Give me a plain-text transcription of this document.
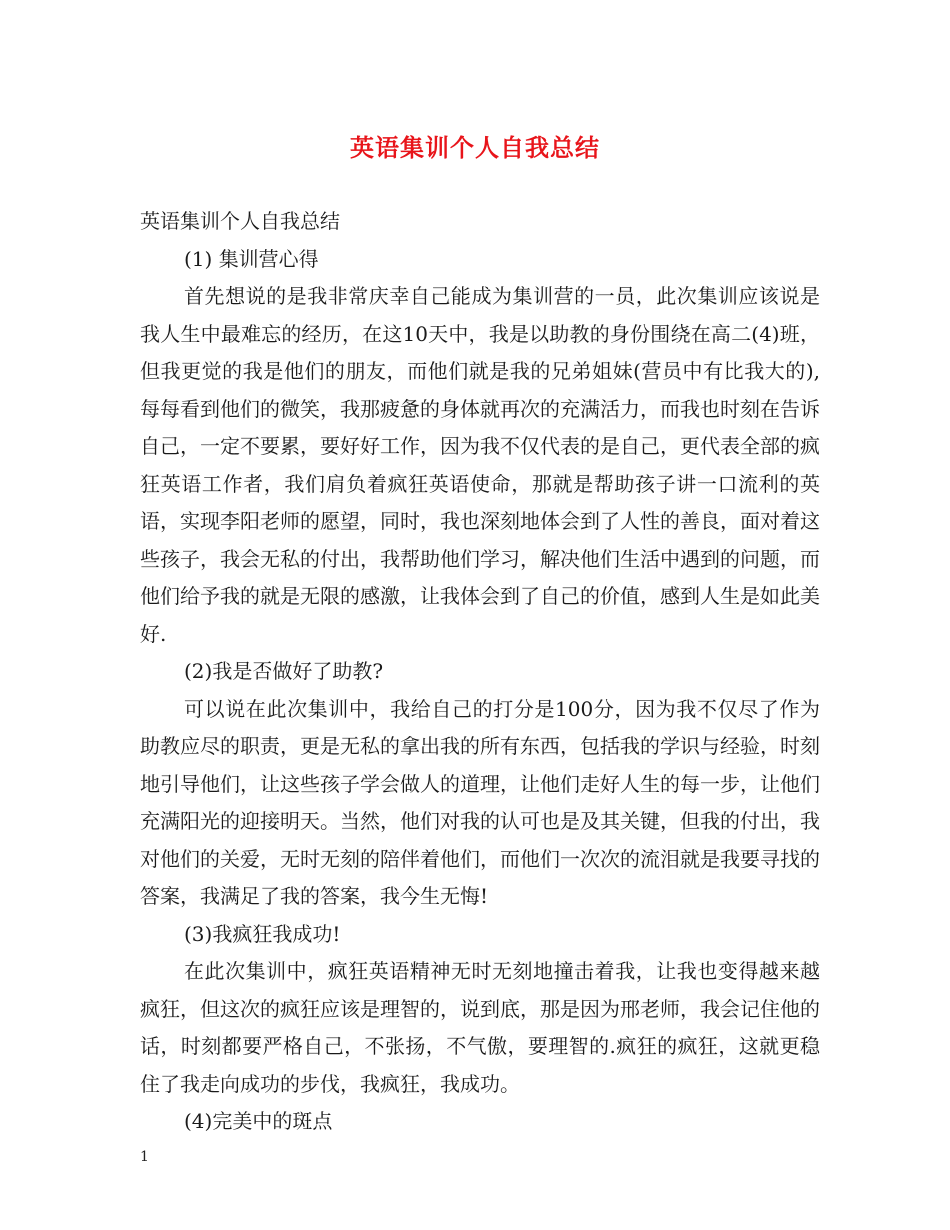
英语集训个人自我总结

英语集训个人自我总结

(1) 集训营心得

首先想说的是我非常庆幸自己能成为集训营的一员，此次集训应该说是我人生中最难忘的经历，在这10天中，我是以助教的身份围绕在高二(4)班，但我更觉的我是他们的朋友，而他们就是我的兄弟姐妹(营员中有比我大的),每每看到他们的微笑，我那疲惫的身体就再次的充满活力，而我也时刻在告诉自己，一定不要累，要好好工作，因为我不仅代表的是自己，更代表全部的疯狂英语工作者，我们肩负着疯狂英语使命，那就是帮助孩子讲一口流利的英语，实现李阳老师的愿望，同时，我也深刻地体会到了人性的善良，面对着这些孩子，我会无私的付出，我帮助他们学习，解决他们生活中遇到的问题，而他们给予我的就是无限的感激，让我体会到了自己的价值，感到人生是如此美好.

(2)我是否做好了助教?

可以说在此次集训中，我给自己的打分是100分，因为我不仅尽了作为助教应尽的职责，更是无私的拿出我的所有东西，包括我的学识与经验，时刻地引导他们，让这些孩子学会做人的道理，让他们走好人生的每一步，让他们充满阳光的迎接明天。当然，他们对我的认可也是及其关键，但我的付出，我对他们的关爱，无时无刻的陪伴着他们，而他们一次次的流泪就是我要寻找的答案，我满足了我的答案，我今生无悔!

(3)我疯狂我成功!

在此次集训中，疯狂英语精神无时无刻地撞击着我，让我也变得越来越疯狂，但这次的疯狂应该是理智的，说到底，那是因为邢老师，我会记住他的话，时刻都要严格自己，不张扬，不气傲，要理智的.疯狂的疯狂，这就更稳住了我走向成功的步伐，我疯狂，我成功。

(4)完美中的斑点

1
